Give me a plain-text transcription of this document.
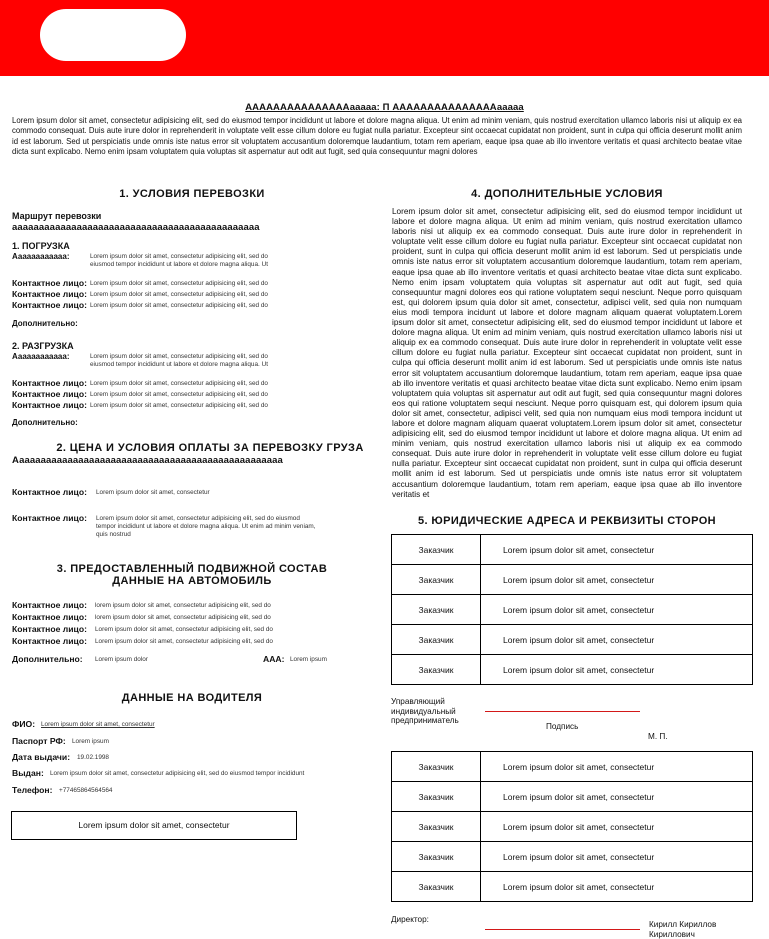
АААААААААААААААааааа: П АААААААААААААААааааа
Lorem ipsum dolor sit amet, consectetur adipisicing elit, sed do eiusmod tempor incididunt ut labore et dolore magna aliqua. Ut enim ad minim veniam, quis nostrud exercitation ullamco laboris nisi ut aliquip ex ea commodo consequat. Duis aute irure dolor in reprehenderit in voluptate velit esse cillum dolore eu fugiat nulla pariatur. Excepteur sint occaecat cupidatat non proident, sunt in culpa qui officia deserunt mollit anim id est laborum. Sed ut perspiciatis unde omnis iste natus error sit voluptatem accusantium doloremque laudantium, totam rem aperiam, eaque ipsa quae ab illo inventore veritatis et quasi architecto beatae vitae dicta sunt explicabo. Nemo enim ipsam voluptatem quia voluptas sit aspernatur aut odit aut fugit, sed quia consequuntur magni dolores
1. УСЛОВИЯ ПЕРЕВОЗКИ
Маршрут перевозки
аааааааааааааааааааааааааааааааааааааааааааааа
1. ПОГРУЗКА
Аааааааааааа:	Lorem ipsum dolor sit amet, consectetur adipisicing elit, sed do eiusmod tempor incididunt ut labore et dolore magna aliqua. Ut
Контактное лицо: Lorem ipsum dolor sit amet, consectetur adipisicing elit, sed do
Контактное лицо: Lorem ipsum dolor sit amet, consectetur adipisicing elit, sed do
Контактное лицо: Lorem ipsum dolor sit amet, consectetur adipisicing elit, sed do
Дополнительно:
2. РАЗГРУЗКА
Аааааааааааа:	Lorem ipsum dolor sit amet, consectetur adipisicing elit, sed do eiusmod tempor incididunt ut labore et dolore magna aliqua. Ut
Контактное лицо: Lorem ipsum dolor sit amet, consectetur adipisicing elit, sed do
Контактное лицо: Lorem ipsum dolor sit amet, consectetur adipisicing elit, sed do
Контактное лицо: Lorem ipsum dolor sit amet, consectetur adipisicing elit, sed do
Дополнительно:
2. ЦЕНА И УСЛОВИЯ ОПЛАТЫ ЗА ПЕРЕВОЗКУ ГРУЗА
Аааааааааааааааааааааааааааааааааааааааааааааааааа
Контактное лицо: Lorem ipsum dolor sit amet, consectetur
Контактное лицо: Lorem ipsum dolor sit amet, consectetur adipisicing elit, sed do eiusmod tempor incididunt ut labore et dolore magna aliqua. Ut enim ad minim veniam, quis nostrud
3. ПРЕДОСТАВЛЕННЫЙ ПОДВИЖНОЙ СОСТАВ
ДАННЫЕ НА АВТОМОБИЛЬ
Контактное лицо: lorem ipsum dolor sit amet, consectetur adipisicing elit, sed do
Контактное лицо: lorem ipsum dolor sit amet, consectetur adipisicing elit, sed do
Контактное лицо: Lorem ipsum dolor sit amet, consectetur adipisicing elit, sed do
Контактное лицо: Lorem ipsum dolor sit amet, consectetur adipisicing elit, sed do
Дополнительно: Lorem ipsum dolor	ААА: Lorem ipsum
ДАННЫЕ НА ВОДИТЕЛЯ
ФИО: Lorem ipsum dolor sit amet, consectetur
Паспорт РФ: Lorem ipsum
Дата выдачи: 19.02.1998
Выдан: Lorem ipsum dolor sit amet, consectetur adipisicing elit, sed do eiusmod tempor incididunt
Телефон: +77465864564564
Lorem ipsum dolor sit amet, consectetur
4. ДОПОЛНИТЕЛЬНЫЕ УСЛОВИЯ
Lorem ipsum dolor sit amet, consectetur adipisicing elit, sed do eiusmod tempor incididunt ut labore et dolore magna aliqua. Ut enim ad minim veniam, quis nostrud exercitation ullamco laboris nisi ut aliquip ex ea commodo consequat. Duis aute irure dolor in reprehenderit in voluptate velit esse cillum dolore eu fugiat nulla pariatur. Excepteur sint occaecat cupidatat non proident, sunt in culpa qui officia deserunt mollit anim id est laborum. Sed ut perspiciatis unde omnis iste natus error sit voluptatem accusantium doloremque laudantium, totam rem aperiam, eaque ipsa quae ab illo inventore veritatis et quasi architecto beatae vitae dicta sunt explicabo. Nemo enim ipsam voluptatem quia voluptas sit aspernatur aut odit aut fugit, sed quia consequuntur magni dolores eos qui ratione voluptatem sequi nesciunt. Neque porro quisquam est, qui dolorem ipsum quia dolor sit amet, consectetur, adipisci velit, sed quia non numquam eius modi tempora incidunt ut labore et dolore magnam aliquam quaerat voluptatem.Lorem ipsum dolor sit amet, consectetur adipisicing elit, sed do eiusmod tempor incididunt ut labore et dolore magna aliqua. Ut enim ad minim veniam, quis nostrud exercitation ullamco laboris nisi ut aliquip ex ea commodo consequat. Duis aute irure dolor in reprehenderit in voluptate velit esse cillum dolore eu fugiat nulla pariatur. Excepteur sint occaecat cupidatat non proident, sunt in culpa qui officia deserunt mollit anim id est laborum. Sed ut perspiciatis unde omnis iste natus error sit voluptatem accusantium doloremque laudantium, totam rem aperiam, eaque ipsa quae ab illo inventore veritatis et quasi architecto beatae vitae dicta sunt explicabo. Nemo enim ipsam voluptatem quia voluptas sit aspernatur aut odit aut fugit, sed quia consequuntur magni dolores eos qui ratione voluptatem sequi nesciunt. Neque porro quisquam est, qui dolorem ipsum quia dolor sit amet, consectetur, adipisci velit, sed quia non numquam eius modi tempora incidunt ut labore et dolore magnam aliquam quaerat voluptatem.Lorem ipsum dolor sit amet, consectetur adipisicing elit, sed do eiusmod tempor incididunt ut labore et dolore magna aliqua. Ut enim ad minim veniam, quis nostrud exercitation ullamco laboris nisi ut aliquip ex ea commodo consequat. Duis aute irure dolor in reprehenderit in voluptate velit esse cillum dolore eu fugiat nulla pariatur. Excepteur sint occaecat cupidatat non proident, sunt in culpa qui officia deserunt mollit anim id est laborum. Sed ut perspiciatis unde omnis iste natus error sit voluptatem accusantium doloremque laudantium, totam rem aperiam, eaque ipsa quae ab illo inventore veritatis et
5. ЮРИДИЧЕСКИЕ АДРЕСА И РЕКВИЗИТЫ СТОРОН
Заказчик	Lorem ipsum dolor sit amet, consectetur
Заказчик	Lorem ipsum dolor sit amet, consectetur
Заказчик	Lorem ipsum dolor sit amet, consectetur
Заказчик	Lorem ipsum dolor sit amet, consectetur
Заказчик	Lorem ipsum dolor sit amet, consectetur
Управляющий индивидуальный предприниматель
Подпись
М. П.
Заказчик	Lorem ipsum dolor sit amet, consectetur
Заказчик	Lorem ipsum dolor sit amet, consectetur
Заказчик	Lorem ipsum dolor sit amet, consectetur
Заказчик	Lorem ipsum dolor sit amet, consectetur
Заказчик	Lorem ipsum dolor sit amet, consectetur
Директор:
Кирилл Кириллов Кириллович
